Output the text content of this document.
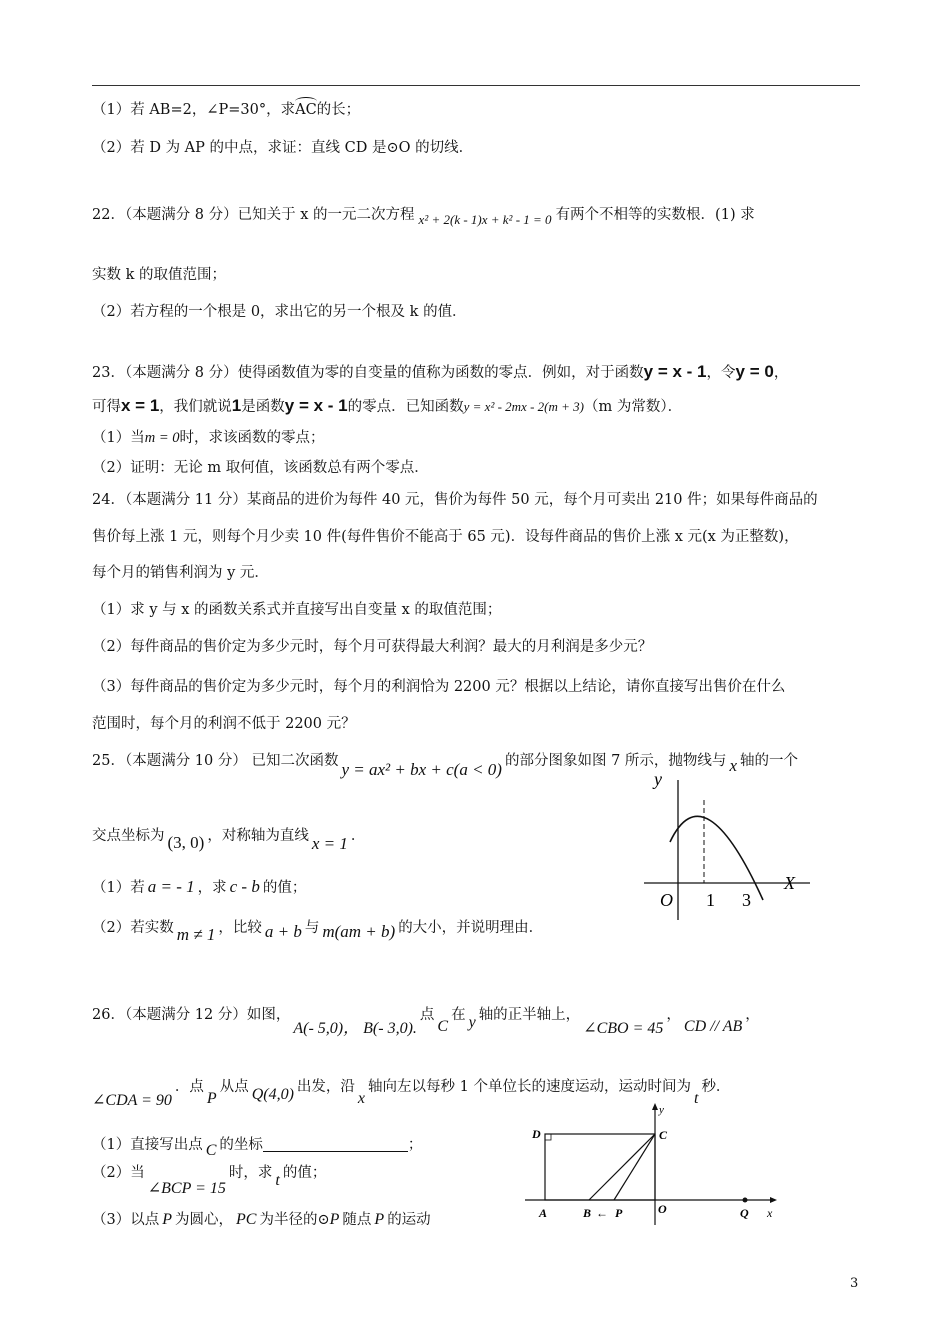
（1）若 AB=2，∠P=30°，求
AC的长；
（2）若 D 为 AP 的中点，求证：直线 CD 是⊙O 的切线．
22．（本题满分 8 分）已知关于 x 的一元二次方程 x² + 2(k - 1)x + k² - 1 = 0 有两个不相等的实数根．(1) 求
实数 k 的取值范围；
（2）若方程的一个根是 0，求出它的另一个根及 k 的值．
23．（本题满分 8 分）使得函数值为零的自变量的值称为函数的零点．例如，对于函数y = x - 1，令y = 0，
可得x = 1，我们就说1是函数y = x - 1的零点．已知函数y = x² - 2mx - 2(m + 3)（m 为常数）．
（1）当m = 0时，求该函数的零点；
（2）证明：无论 m 取何值，该函数总有两个零点．
24．（本题满分 11 分）某商品的进价为每件 40 元，售价为每件 50 元，每个月可卖出 210 件；如果每件商品的
售价每上涨 1 元，则每个月少卖 10 件(每件售价不能高于 65 元)．设每件商品的售价上涨 x 元(x 为正整数)，
每个月的销售利润为 y 元．
（1）求 y 与 x 的函数关系式并直接写出自变量 x 的取值范围；
（2）每件商品的售价定为多少元时，每个月可获得最大利润？最大的月利润是多少元？
（3）每件商品的售价定为多少元时，每个月的利润恰为 2200 元？根据以上结论，请你直接写出售价在什么
范围时，每个月的利润不低于 2200 元？
25．（本题满分 10 分） 已知二次函数 y = ax² + bx + c(a < 0) 的部分图象如图 7 所示，抛物线与 x 轴的一个
交点坐标为 (3, 0) ，对称轴为直线 x = 1 ．
（1）若 a = - 1 ，求 c - b 的值；
（2）若实数 m ≠ 1 ，比较 a + b 与 m(am + b) 的大小，并说明理由．
y
X
O 1 3
26．（本题满分 12 分）如图，A(- 5,0)， B(- 3,0).点C在 y 轴的正半轴上，∠CBO = 45，CD // AB，
∠CDA = 90．点P从点 Q(4,0) 出发，沿x轴向左以每秒 1 个单位长的速度运动，运动时间为t秒．
（1）直接写出点 C 的坐标	；
（2）当∠BCP = 15时，求 t 的值；
（3）以点 P 为圆心， PC 为半径的⊙P 随点 P 的运动
D	C
A	B ← P	O	Q x
y
3
